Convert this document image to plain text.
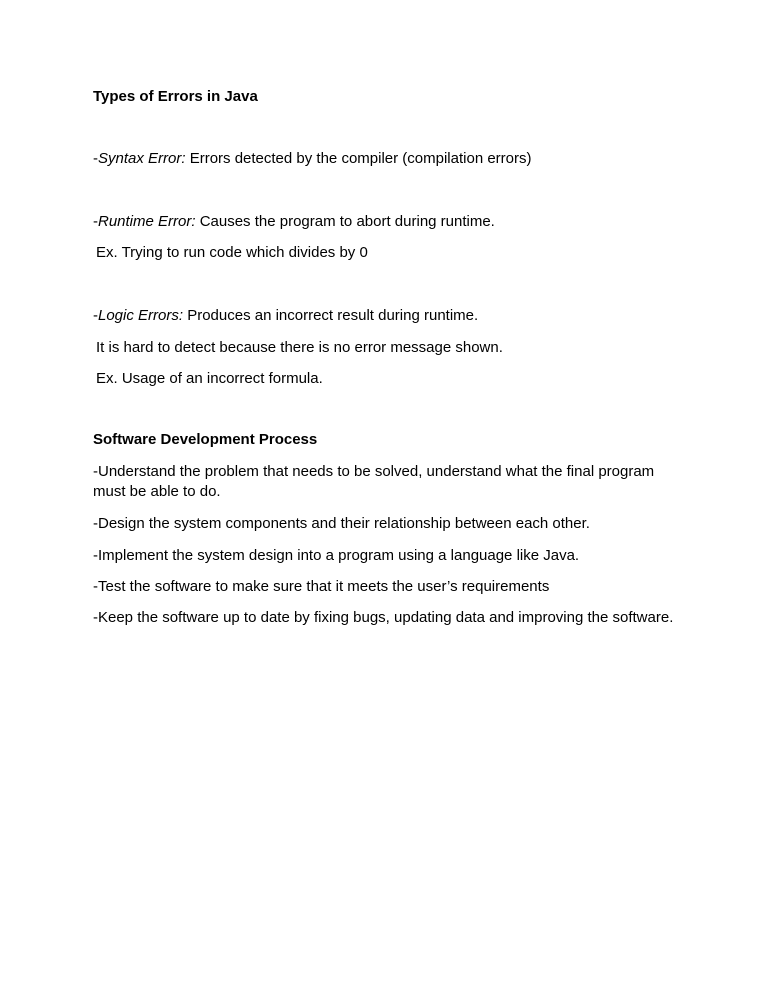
Types of Errors in Java
-Syntax Error: Errors detected by the compiler (compilation errors)
-Runtime Error: Causes the program to abort during runtime.
Ex. Trying to run code which divides by 0
-Logic Errors: Produces an incorrect result during runtime.
It is hard to detect because there is no error message shown.
Ex. Usage of an incorrect formula.
Software Development Process
-Understand the problem that needs to be solved, understand what the final program must be able to do.
-Design the system components and their relationship between each other.
-Implement the system design into a program using a language like Java.
-Test the software to make sure that it meets the user’s requirements
-Keep the software up to date by fixing bugs, updating data and improving the software.
